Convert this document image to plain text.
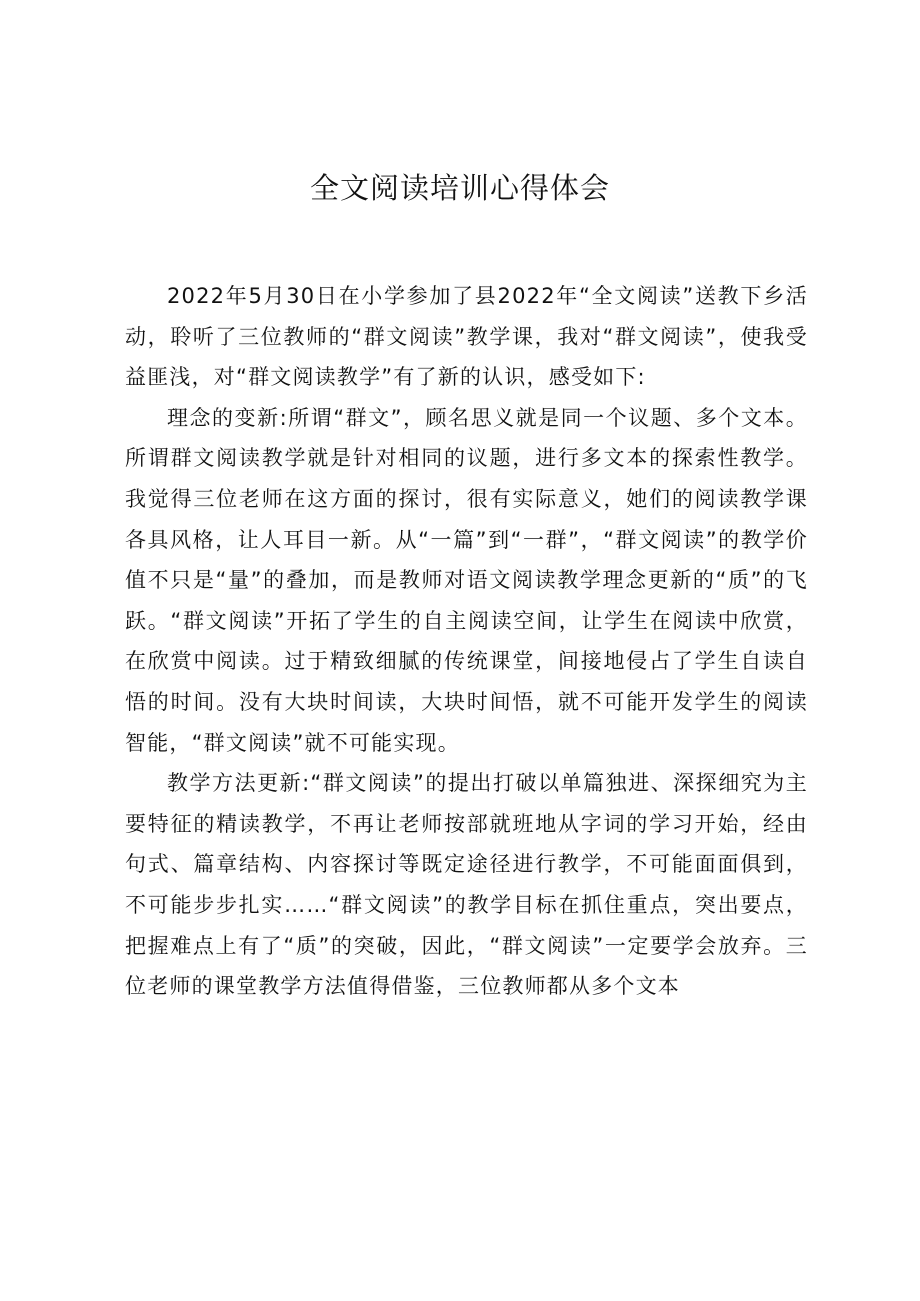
全文阅读培训心得体会

2022年5月30日在小学参加了县2022年“全文阅读”送教下乡活动，聆听了三位教师的“群文阅读”教学课，我对“群文阅读”，使我受益匪浅，对“群文阅读教学”有了新的认识，感受如下:

理念的变新:所谓“群文”，顾名思义就是同一个议题、多个文本。所谓群文阅读教学就是针对相同的议题，进行多文本的探索性教学。我觉得三位老师在这方面的探讨，很有实际意义，她们的阅读教学课各具风格，让人耳目一新。从“一篇”到“一群”，“群文阅读”的教学价值不只是“量”的叠加，而是教师对语文阅读教学理念更新的“质”的飞跃。“群文阅读”开拓了学生的自主阅读空间，让学生在阅读中欣赏，在欣赏中阅读。过于精致细腻的传统课堂，间接地侵占了学生自读自悟的时间。没有大块时间读，大块时间悟，就不可能开发学生的阅读智能，“群文阅读”就不可能实现。

教学方法更新:“群文阅读”的提出打破以单篇独进、深探细究为主要特征的精读教学，不再让老师按部就班地从字词的学习开始，经由句式、篇章结构、内容探讨等既定途径进行教学，不可能面面俱到，不可能步步扎实……“群文阅读”的教学目标在抓住重点，突出要点，把握难点上有了“质”的突破，因此，“群文阅读”一定要学会放弃。三位老师的课堂教学方法值得借鉴，三位教师都从多个文本
